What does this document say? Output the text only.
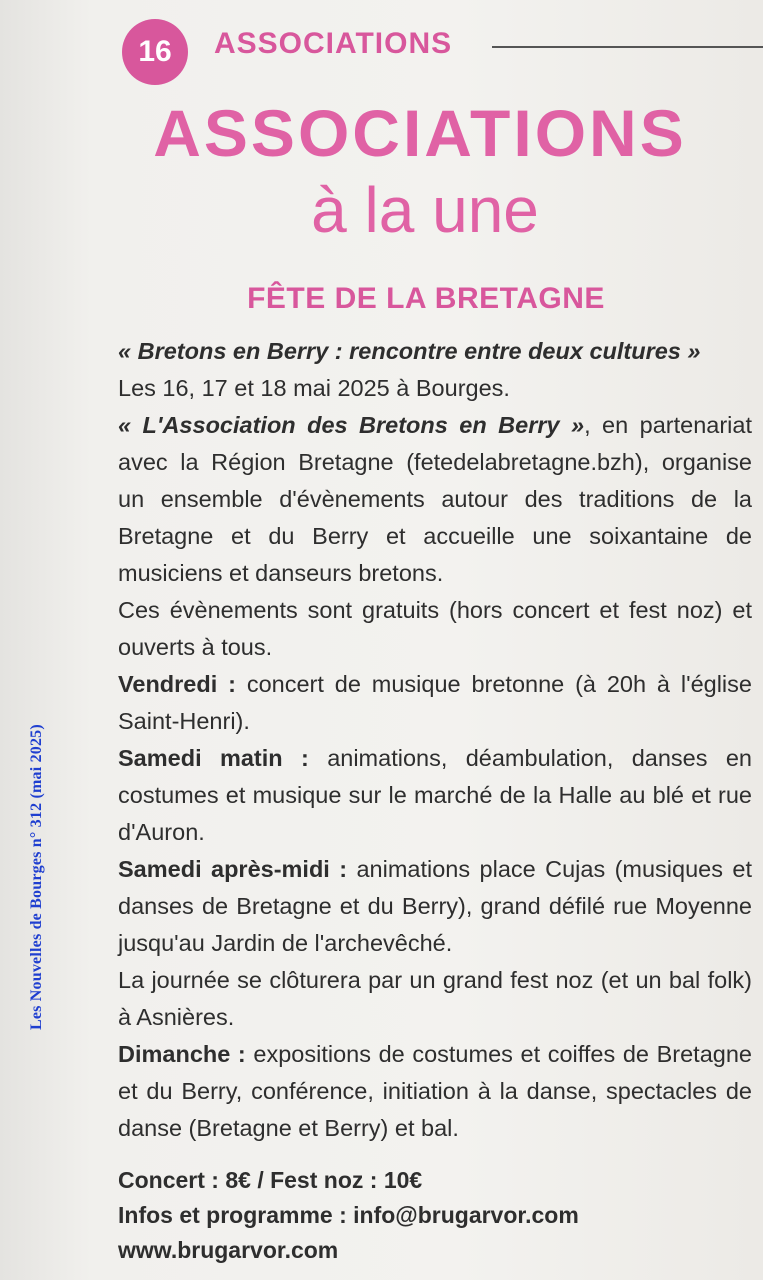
Les Nouvelles de Bourges n° 312 (mai 2025)
16	ASSOCIATIONS
ASSOCIATIONS
à la une
FÊTE DE LA BRETAGNE

« Bretons en Berry : rencontre entre deux cultures »

Les 16, 17 et 18 mai 2025 à Bourges.

« L'Association des Bretons en Berry », en partenariat avec la Région Bretagne (fetedelabretagne.bzh), organise un ensemble d'évènements autour des traditions de la Bretagne et du Berry et accueille une soixantaine de musiciens et danseurs bretons.

Ces évènements sont gratuits (hors concert et fest noz) et ouverts à tous.

Vendredi : concert de musique bretonne (à 20h à l'église Saint-Henri).

Samedi matin : animations, déambulation, danses en costumes et musique sur le marché de la Halle au blé et rue d'Auron.

Samedi après-midi : animations place Cujas (musiques et danses de Bretagne et du Berry), grand défilé rue Moyenne jusqu'au Jardin de l'archevêché.

La journée se clôturera par un grand fest noz (et un bal folk) à Asnières.

Dimanche : expositions de costumes et coiffes de Bretagne et du Berry, conférence, initiation à la danse, spectacles de danse (Bretagne et Berry) et bal.

Concert : 8€ / Fest noz : 10€
Infos et programme : info@brugarvor.com
www.brugarvor.com
